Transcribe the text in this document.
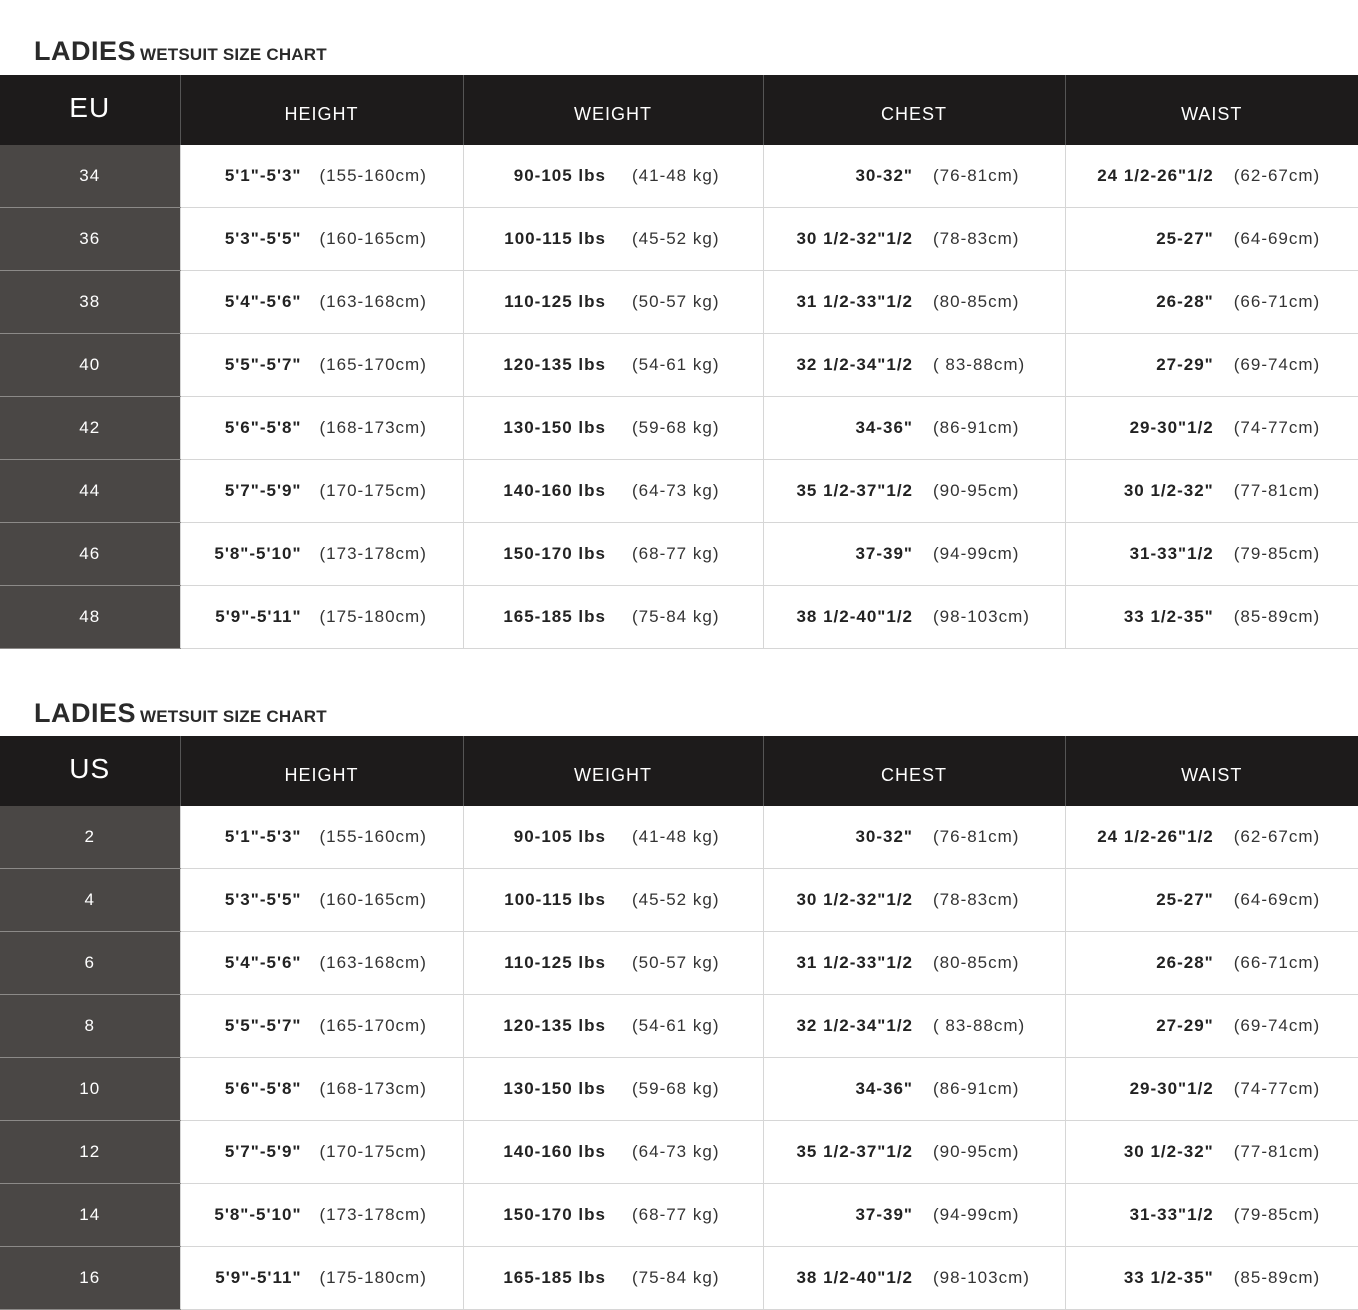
LADIES WETSUIT SIZE CHART
EU	HEIGHT	WEIGHT	CHEST	WAIST
34	5'1"-5'3" (155-160cm)	90-105 lbs (41-48 kg)	30-32" (76-81cm)	24 1/2-26"1/2 (62-67cm)

36	5'3"-5'5" (160-165cm)	100-115 lbs (45-52 kg)	30 1/2-32"1/2 (78-83cm)	25-27" (64-69cm)

38	5'4"-5'6" (163-168cm)	110-125 lbs (50-57 kg)	31 1/2-33"1/2 (80-85cm)	26-28" (66-71cm)

40	5'5"-5'7" (165-170cm)	120-135 lbs (54-61 kg)	32 1/2-34"1/2 ( 83-88cm)	27-29" (69-74cm)

42	5'6"-5'8" (168-173cm)	130-150 lbs (59-68 kg)	34-36" (86-91cm)	29-30"1/2 (74-77cm)

44	5'7"-5'9" (170-175cm)	140-160 lbs (64-73 kg)	35 1/2-37"1/2 (90-95cm)	30 1/2-32" (77-81cm)

46	5'8"-5'10" (173-178cm)	150-170 lbs (68-77 kg)	37-39" (94-99cm)	31-33"1/2 (79-85cm)

48	5'9"-5'11" (175-180cm)	165-185 lbs (75-84 kg)	38 1/2-40"1/2 (98-103cm)	33 1/2-35" (85-89cm)
LADIES WETSUIT SIZE CHART
US	HEIGHT	WEIGHT	CHEST	WAIST
2	5'1"-5'3" (155-160cm)	90-105 lbs (41-48 kg)	30-32" (76-81cm)	24 1/2-26"1/2 (62-67cm)

4	5'3"-5'5" (160-165cm)	100-115 lbs (45-52 kg)	30 1/2-32"1/2 (78-83cm)	25-27" (64-69cm)

6	5'4"-5'6" (163-168cm)	110-125 lbs (50-57 kg)	31 1/2-33"1/2 (80-85cm)	26-28" (66-71cm)

8	5'5"-5'7" (165-170cm)	120-135 lbs (54-61 kg)	32 1/2-34"1/2 ( 83-88cm)	27-29" (69-74cm)

10	5'6"-5'8" (168-173cm)	130-150 lbs (59-68 kg)	34-36" (86-91cm)	29-30"1/2 (74-77cm)

12	5'7"-5'9" (170-175cm)	140-160 lbs (64-73 kg)	35 1/2-37"1/2 (90-95cm)	30 1/2-32" (77-81cm)

14	5'8"-5'10" (173-178cm)	150-170 lbs (68-77 kg)	37-39" (94-99cm)	31-33"1/2 (79-85cm)

16	5'9"-5'11" (175-180cm)	165-185 lbs (75-84 kg)	38 1/2-40"1/2 (98-103cm)	33 1/2-35" (85-89cm)
